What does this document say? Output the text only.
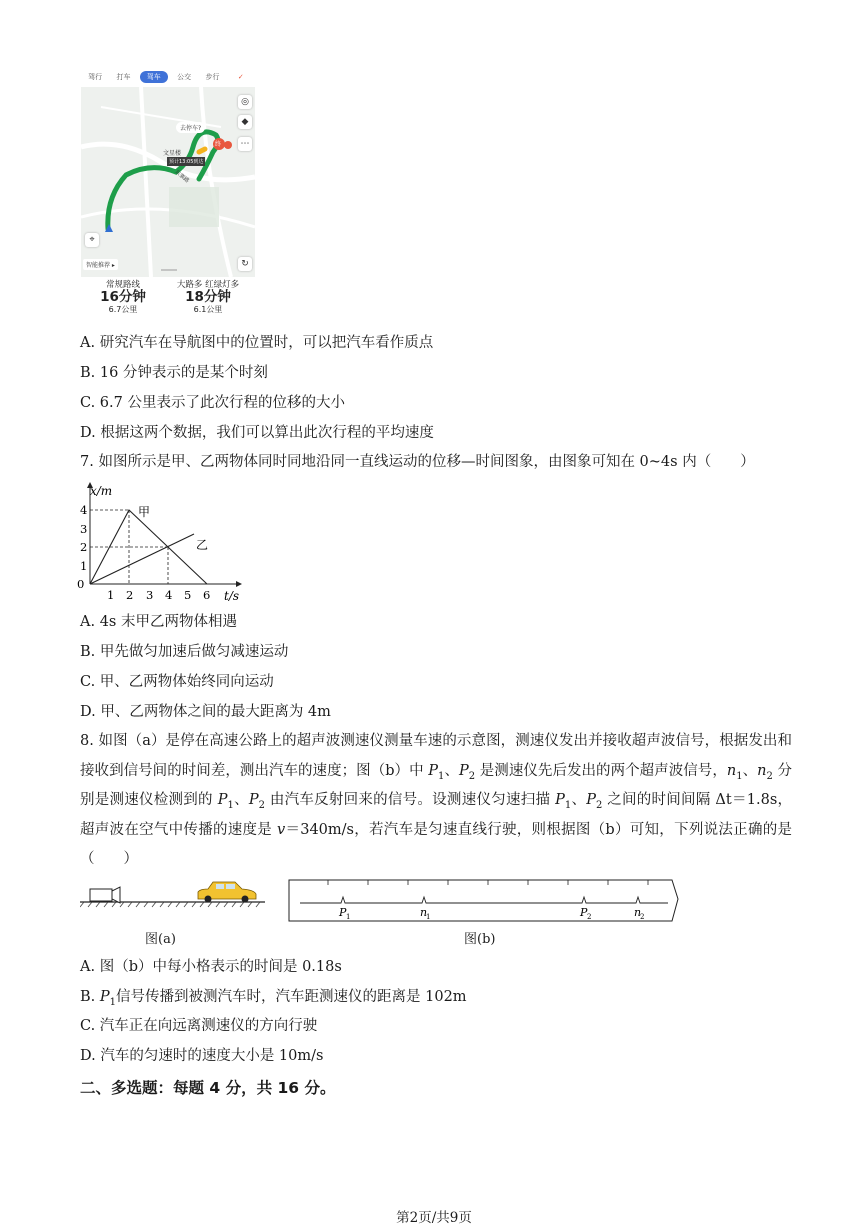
驾行	打车	驾车	公交	步行	✓
去停车?
预计13:05到达
文星楼
东寨路
终
◎
◆
⋯
⌖
↻
智能推荐 ▸
常规路线
16分钟
6.7公里
大路多 红绿灯多
18分钟
6.1公里
A. 研究汽车在导航图中的位置时，可以把汽车看作质点
B. 16 分钟表示的是某个时刻
C. 6.7 公里表示了此次行程的位移的大小
D. 根据这两个数据，我们可以算出此次行程的平均速度
7. 如图所示是甲、乙两物体同时同地沿同一直线运动的位移—时间图象，由图象可知在 0~4s 内（　　）
x/m
t/s
0
1
2
3
4
1 2 3 4 5 6
甲
乙
A. 4s 末甲乙两物体相遇
B. 甲先做匀加速后做匀减速运动
C. 甲、乙两物体始终同向运动
D. 甲、乙两物体之间的最大距离为 4m
8. 如图（a）是停在高速公路上的超声波测速仪测量车速的示意图，测速仪发出并接收超声波信号，根据发出和接收到信号间的时间差，测出汽车的速度；图（b）中 $P_1$、$P_2$ 是测速仪先后发出的两个超声波信号，$n_1$、$n_2$ 分别是测速仪检测到的 $P_1$、$P_2$ 由汽车反射回来的信号。设测速仪匀速扫描 $P_1$、$P_2$ 之间的时间间隔 Δt＝1.8s，超声波在空气中传播的速度是 v＝340m/s，若汽车是匀速直线行驶，则根据图（b）可知，下列说法正确的是（　　）
图(a)
P 1	n
1	P 2	n
2
图(b)
A. 图（b）中每小格表示的时间是 0.18s
B. $P_1$信号传播到被测汽车时，汽车距测速仪的距离是 102m
C. 汽车正在向远离测速仪的方向行驶
D. 汽车的匀速时的速度大小是 10m/s
二、多选题：每题 4 分，共 16 分。
第2页/共9页
